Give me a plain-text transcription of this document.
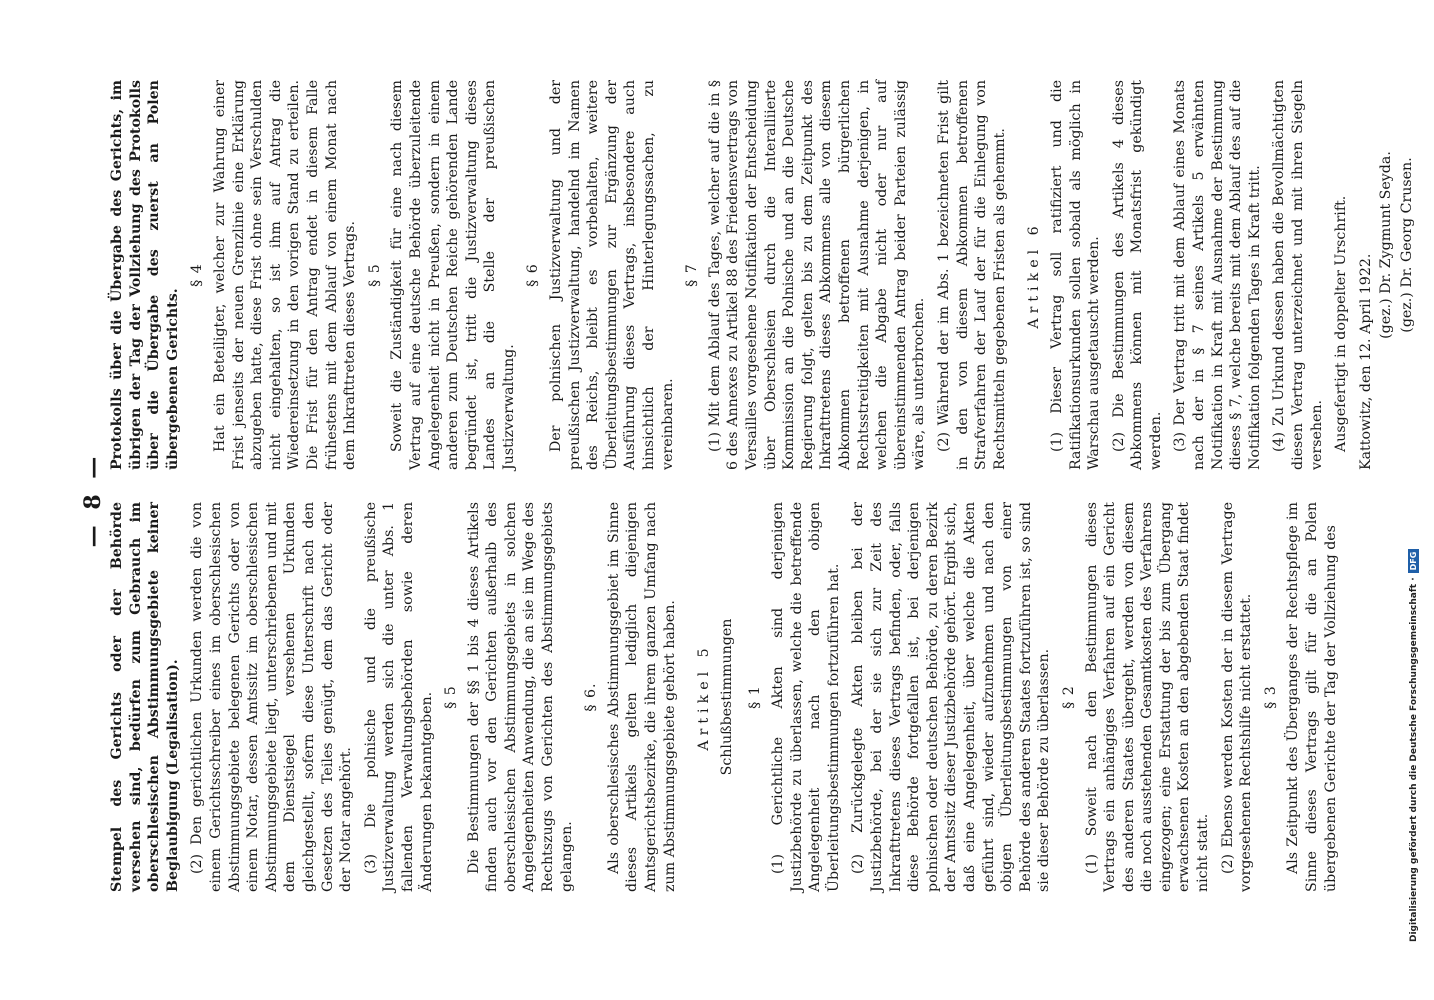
— 8 —

Stempel des Gerichts oder der Behörde versehen sind, bedürfen zum Gebrauch im oberschlesischen Abstimmungsgebiete keiner Beglaubigung (Legalisation). (2) Den gerichtlichen Urkunden werden die von einem Gerichtsschreiber eines im oberschlesischen Abstimmungsgebiete belegenen Gerichts oder von einem Notar, dessen Amtssitz im oberschlesischen Abstimmungsgebiete liegt, unterschriebenen und mit dem Dienstsiegel versehenen Urkunden gleichgestellt, sofern diese Unterschrift nach den Gesetzen des Teiles genügt, dem das Gericht oder der Notar angehört. (3) Die polnische und die preußische Justizverwaltung werden sich die unter Abs. 1 fallenden Verwaltungsbehörden sowie deren Änderungen bekanntgeben. § 5 Die Bestimmungen der §§ 1 bis 4 dieses Artikels finden auch vor den Gerichten außerhalb des oberschlesischen Abstimmungsgebiets in solchen Angelegenheiten Anwendung, die an sie im Wege des Rechtszugs von Gerichten des Abstimmungsgebiets gelangen.

§ 6. Als oberschlesisches Abstimmungsgebiet im Sinne dieses Artikels gelten lediglich diejenigen Amtsgerichtsbezirke, die ihrem ganzen Umfang nach zum Abstimmungsgebiete gehört haben. Artikel 5 Schlußbestimmungen § 1 (1) Gerichtliche Akten sind derjenigen Justizbehörde zu überlassen, welche die betreffende Angelegenheit nach den obigen Überleitungsbestimmungen fortzuführen hat. (2) Zurückgelegte Akten bleiben bei der Justizbehörde, bei der sie sich zur Zeit des Inkrafttretens dieses Vertrags befinden, oder, falls diese Behörde fortgefallen ist, bei derjenigen polnischen oder deutschen Behörde, zu deren Bezirk der Amtssitz dieser Justizbehörde gehört. Ergibt sich, daß eine Angelegenheit, über welche die Akten geführt sind, wieder aufzunehmen und nach den obigen Überleitungsbestimmungen von einer Behörde des anderen Staates fortzuführen ist, so sind sie dieser Behörde zu überlassen. § 2 (1) Soweit nach den Bestimmungen dieses Vertrags ein anhängiges Verfahren auf ein Gericht des anderen Staates übergeht, werden von diesem die noch ausstehenden Gesamtkosten des Verfahrens eingezogen; eine Erstattung der bis zum Übergang erwachsenen Kosten an den abgebenden Staat findet nicht statt. (2) Ebenso werden Kosten der in diesem Vertrage vorgesehenen Rechtshilfe nicht erstattet. § 3 Als Zeitpunkt des Überganges der Rechtspflege im Sinne dieses Vertrags gilt für die an Polen übergebenen Gerichte der Tag der Vollziehung des

Protokolls über die Übergabe des Gerichts, im übrigen der Tag der Vollziehung des Protokolls über die Übergabe des zuerst an Polen übergebenen Gerichts.

§ 4 Hat ein Beteiligter, welcher zur Wahrung einer Frist jenseits der neuen Grenzlinie eine Erklärung abzugeben hatte, diese Frist ohne sein Verschulden nicht eingehalten, so ist ihm auf Antrag die Wiedereinsetzung in den vorigen Stand zu erteilen. Die Frist für den Antrag endet in diesem Falle frühestens mit dem Ablauf von einem Monat nach dem Inkrafttreten dieses Vertrags. § 5 Soweit die Zuständigkeit für eine nach diesem Vertrag auf eine deutsche Behörde überzuleitende Angelegenheit nicht in Preußen, sondern in einem anderen zum Deutschen Reiche gehörenden Lande begründet ist, tritt die Justizverwaltung dieses Landes an die Stelle der preußischen Justizverwaltung.

§ 6 Der polnischen Justizverwaltung und der preußischen Justizverwaltung, handelnd im Namen des Reichs, bleibt es vorbehalten, weitere Überleitungsbestimmungen zur Ergänzung der Ausführung dieses Vertrags, insbesondere auch hinsichtlich der Hinterlegungssachen, zu vereinbaren.

§ 7 (1) Mit dem Ablauf des Tages, welcher auf die in § 6 des Annexes zu Artikel 88 des Friedensvertrags von Versailles vorgesehene Notifikation der Entscheidung über Oberschlesien durch die Interalliierte Kommission an die Polnische und an die Deutsche Regierung folgt, gelten bis zu dem Zeitpunkt des Inkrafttretens dieses Abkommens alle von diesem Abkommen betroffenen bürgerlichen Rechtsstreitigkeiten mit Ausnahme derjenigen, in welchen die Abgabe nicht oder nur auf übereinstimmenden Antrag beider Parteien zulässig wäre, als unterbrochen. (2) Während der im Abs. 1 bezeichneten Frist gilt in den von diesem Abkommen betroffenen Strafverfahren der Lauf der für die Einlegung von Rechtsmitteln gegebenen Fristen als gehemmt. Artikel 6 (1) Dieser Vertrag soll ratifiziert und die Ratifikationsurkunden sollen sobald als möglich in Warschau ausgetauscht werden. (2) Die Bestimmungen des Artikels 4 dieses Abkommens können mit Monatsfrist gekündigt werden. (3) Der Vertrag tritt mit dem Ablauf eines Monats nach der in § 7 seines Artikels 5 erwähnten Notifikation in Kraft mit Ausnahme der Bestimmung dieses § 7, welche bereits mit dem Ablauf des auf die Notifikation folgenden Tages in Kraft tritt. (4) Zu Urkund dessen haben die Bevollmächtigten diesen Vertrag unterzeichnet und mit ihren Siegeln versehen. Ausgefertigt in doppelter Urschrift. Kattowitz, den 12. April 1922.

(gez.) Dr. Zygmunt Seyda. (gez.) Dr. Georg Crusen.
Digitalisierung gefördert durch die Deutsche Forschungsgemeinschaft ·DFG
